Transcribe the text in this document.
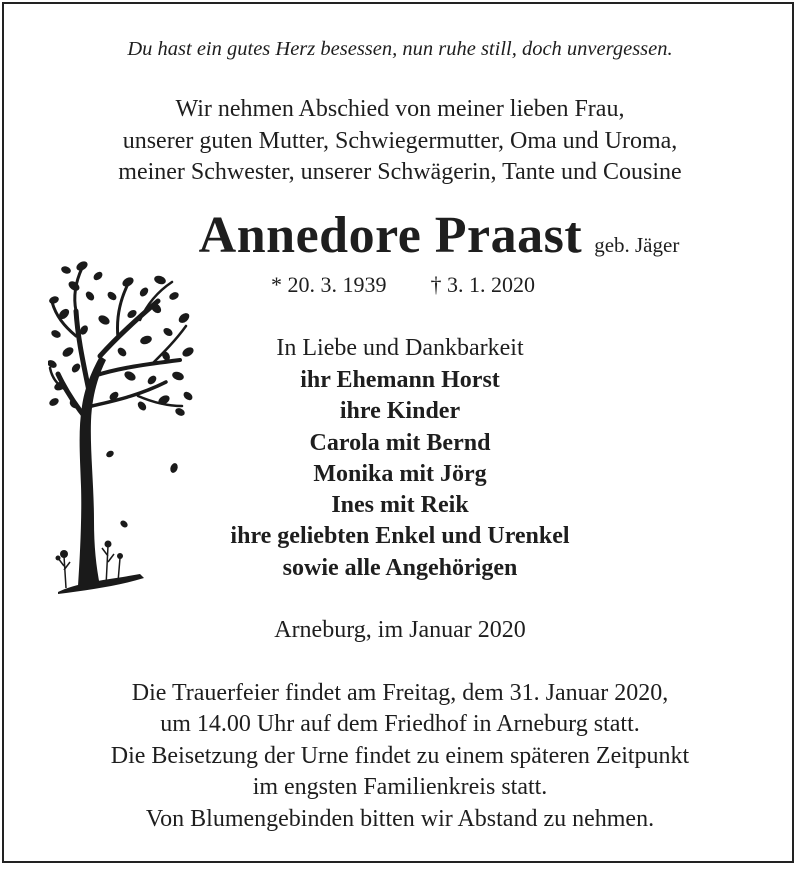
Du hast ein gutes Herz besessen, nun ruhe still, doch unvergessen.
Wir nehmen Abschied von meiner lieben Frau,
unserer guten Mutter, Schwiegermutter, Oma und Uroma,
meiner Schwester, unserer Schwägerin, Tante und Cousine
Annedore Praast geb. Jäger
* 20. 3. 1939 † 3. 1. 2020
In Liebe und Dankbarkeit
ihr Ehemann Horst
ihre Kinder
Carola mit Bernd
Monika mit Jörg
Ines mit Reik
ihre geliebten Enkel und Urenkel
sowie alle Angehörigen
Arneburg, im Januar 2020
Die Trauerfeier findet am Freitag, dem 31. Januar 2020,
um 14.00 Uhr auf dem Friedhof in Arneburg statt.
Die Beisetzung der Urne findet zu einem späteren Zeitpunkt
im engsten Familienkreis statt.
Von Blumengebinden bitten wir Abstand zu nehmen.
